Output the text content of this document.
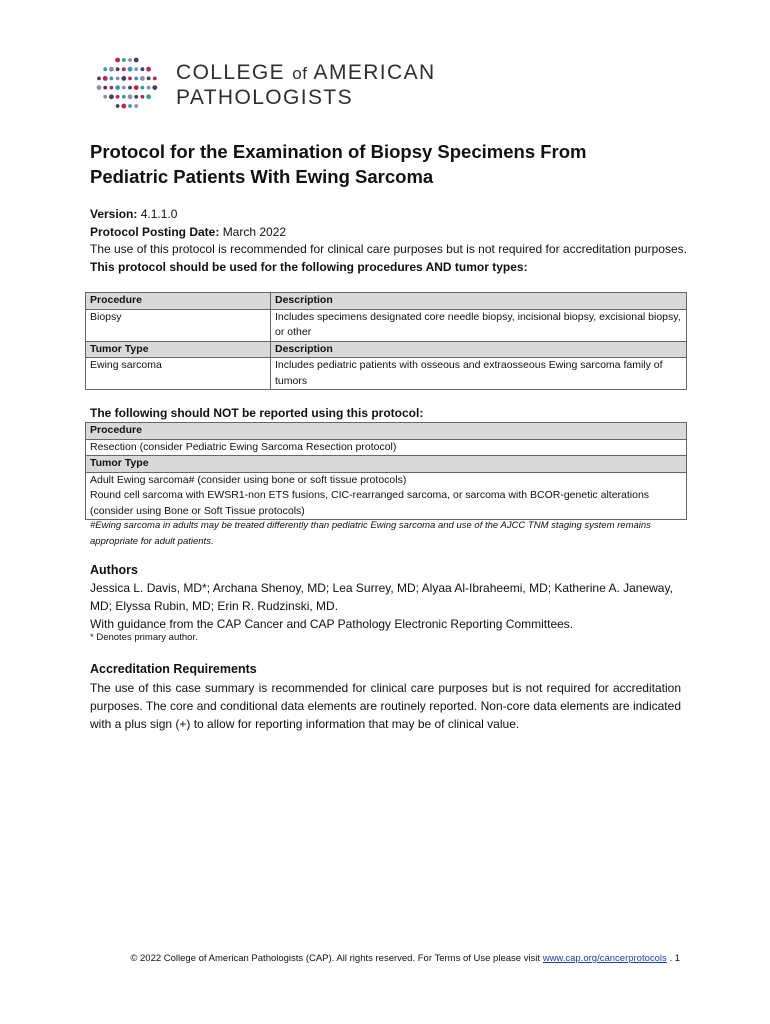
COLLEGE of AMERICAN
PATHOLOGISTS
Protocol for the Examination of Biopsy Specimens From
Pediatric Patients With Ewing Sarcoma
Version: 4.1.1.0
Protocol Posting Date: March 2022
The use of this protocol is recommended for clinical care purposes but is not required for accreditation purposes.
This protocol should be used for the following procedures AND tumor types:
Procedure	Description
Biopsy	Includes specimens designated core needle biopsy, incisional biopsy, excisional biopsy, or other
Tumor Type	Description
Ewing sarcoma	Includes pediatric patients with osseous and extraosseous Ewing sarcoma family of tumors
The following should NOT be reported using this protocol:
Procedure
Resection (consider Pediatric Ewing Sarcoma Resection protocol)
Tumor Type

Adult Ewing sarcoma# (consider using bone or soft tissue protocols)
Round cell sarcoma with EWSR1-non ETS fusions, CIC-rearranged sarcoma, or sarcoma with BCOR-genetic alterations (consider using Bone or Soft Tissue protocols)
#Ewing sarcoma in adults may be treated differently than pediatric Ewing sarcoma and use of the AJCC TNM staging system remains appropriate for adult patients.
Authors
Jessica L. Davis, MD*; Archana Shenoy, MD; Lea Surrey, MD; Alyaa Al-Ibraheemi, MD; Katherine A. Janeway, MD; Elyssa Rubin, MD; Erin R. Rudzinski, MD.
With guidance from the CAP Cancer and CAP Pathology Electronic Reporting Committees.
* Denotes primary author.
Accreditation Requirements
The use of this case summary is recommended for clinical care purposes but is not required for accreditation purposes. The core and conditional data elements are routinely reported. Non-core data elements are indicated with a plus sign (+) to allow for reporting information that may be of clinical value.
© 2022 College of American Pathologists (CAP). All rights reserved. For Terms of Use please visit www.cap.org/cancerprotocols . 1
